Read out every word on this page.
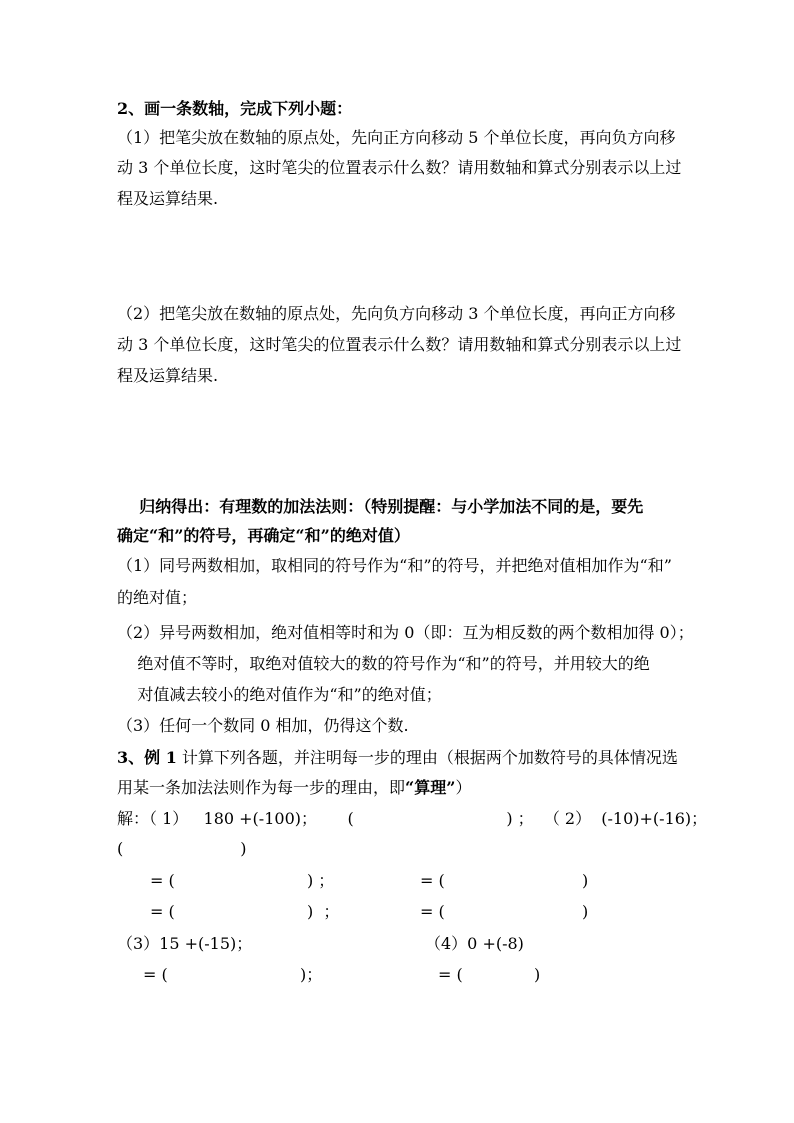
2、画一条数轴，完成下列小题：
（1）把笔尖放在数轴的原点处，先向正方向移动 5 个单位长度，再向负方向移
动 3 个单位长度，这时笔尖的位置表示什么数？请用数轴和算式分别表示以上过
程及运算结果.
（2）把笔尖放在数轴的原点处，先向负方向移动 3 个单位长度，再向正方向移
动 3 个单位长度，这时笔尖的位置表示什么数？请用数轴和算式分别表示以上过
程及运算结果.
归纳得出：有理数的加法法则：（特别提醒：与小学加法不同的是，要先
确定“和”的符号，再确定“和”的绝对值）
（1）同号两数相加，取相同的符号作为“和”的符号，并把绝对值相加作为“和”
的绝对值；
（2）异号两数相加，绝对值相等时和为 0（即：互为相反数的两个数相加得 0）；
绝对值不等时，取绝对值较大的数的符号作为“和”的符号，并用较大的绝
对值减去较小的绝对值作为“和”的绝对值；
（3）任何一个数同 0 相加，仍得这个数.
3、例 1 计算下列各题，并注明每一步的理由（根据两个加数符号的具体情况选
用某一条加法法则作为每一步的理由，即“算理”）
解：（ 1）   180 +(-100)；      (                              ) ；  （ 2）  (-10)+(-16)；
(                       )
= (                          ) ；	= (                           )
= (                          )  ；	= (                           )
（3）15 +(-15)；	（4）0 +(-8)
= (                          )；	= (              )
